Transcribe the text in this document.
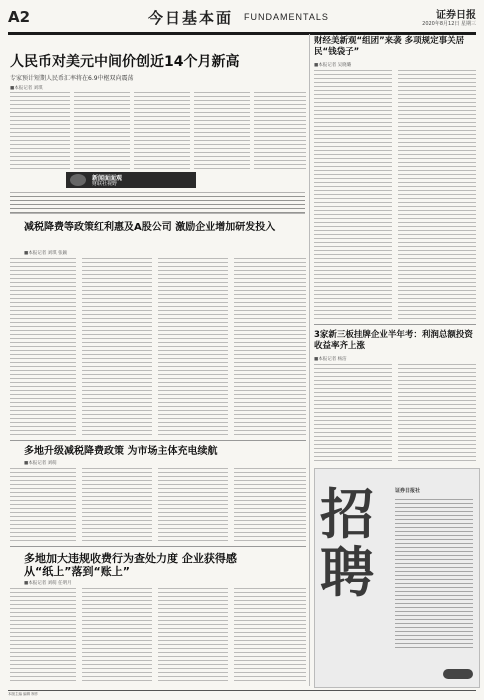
A2	今日基本面 FUNDAMENTALS	证券日报
2020年8月12日 星期三
人民币对美元中间价创近14个月新高
专家预计短期人民币汇率将在6.9中枢双向震荡
■本报记者 刘琪
财经美新观“组团”来袭 多项规定事关居民“钱袋子”
■本报记者 吴晓璐
新闻面面观
财联社视野
减税降费等政策红利惠及A股公司 激励企业增加研发投入
■本报记者 刘琪 张颖
3家新三板挂牌企业半年考：利润总额投资收益率齐上涨
■本报记者 杨洁
多地升级减税降费政策 为市场主体充电续航
■本报记者 刘萌
多地加大违规收费行为查处力度 企业获得感从“纸上”落到“账上”
■本报记者 刘萌 任明月
招聘
证券日报社
本版主编 编辑 制作
